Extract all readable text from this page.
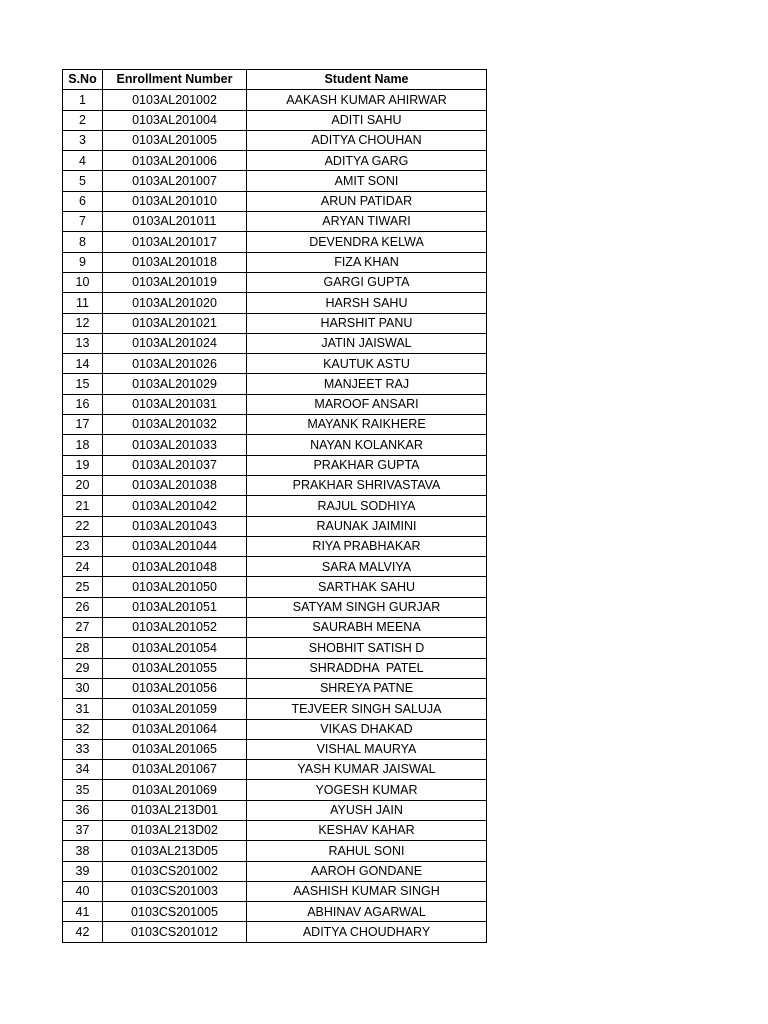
S.No	Enrollment Number	Student Name
1	0103AL201002	AAKASH KUMAR AHIRWAR
2	0103AL201004	ADITI SAHU
3	0103AL201005	ADITYA CHOUHAN
4	0103AL201006	ADITYA GARG
5	0103AL201007	AMIT SONI
6	0103AL201010	ARUN PATIDAR
7	0103AL201011	ARYAN TIWARI
8	0103AL201017	DEVENDRA KELWA
9	0103AL201018	FIZA KHAN
10	0103AL201019	GARGI GUPTA
11	0103AL201020	HARSH SAHU
12	0103AL201021	HARSHIT PANU
13	0103AL201024	JATIN JAISWAL
14	0103AL201026	KAUTUK ASTU
15	0103AL201029	MANJEET RAJ
16	0103AL201031	MAROOF ANSARI
17	0103AL201032	MAYANK RAIKHERE
18	0103AL201033	NAYAN KOLANKAR
19	0103AL201037	PRAKHAR GUPTA
20	0103AL201038	PRAKHAR SHRIVASTAVA
21	0103AL201042	RAJUL SODHIYA
22	0103AL201043	RAUNAK JAIMINI
23	0103AL201044	RIYA PRABHAKAR
24	0103AL201048	SARA MALVIYA
25	0103AL201050	SARTHAK SAHU
26	0103AL201051	SATYAM SINGH GURJAR
27	0103AL201052	SAURABH MEENA
28	0103AL201054	SHOBHIT SATISH D
29	0103AL201055	SHRADDHA  PATEL
30	0103AL201056	SHREYA PATNE
31	0103AL201059	TEJVEER SINGH SALUJA
32	0103AL201064	VIKAS DHAKAD
33	0103AL201065	VISHAL MAURYA
34	0103AL201067	YASH KUMAR JAISWAL
35	0103AL201069	YOGESH KUMAR
36	0103AL213D01	AYUSH JAIN
37	0103AL213D02	KESHAV KAHAR
38	0103AL213D05	RAHUL SONI
39	0103CS201002	AAROH GONDANE
40	0103CS201003	AASHISH KUMAR SINGH
41	0103CS201005	ABHINAV AGARWAL
42	0103CS201012	ADITYA CHOUDHARY
